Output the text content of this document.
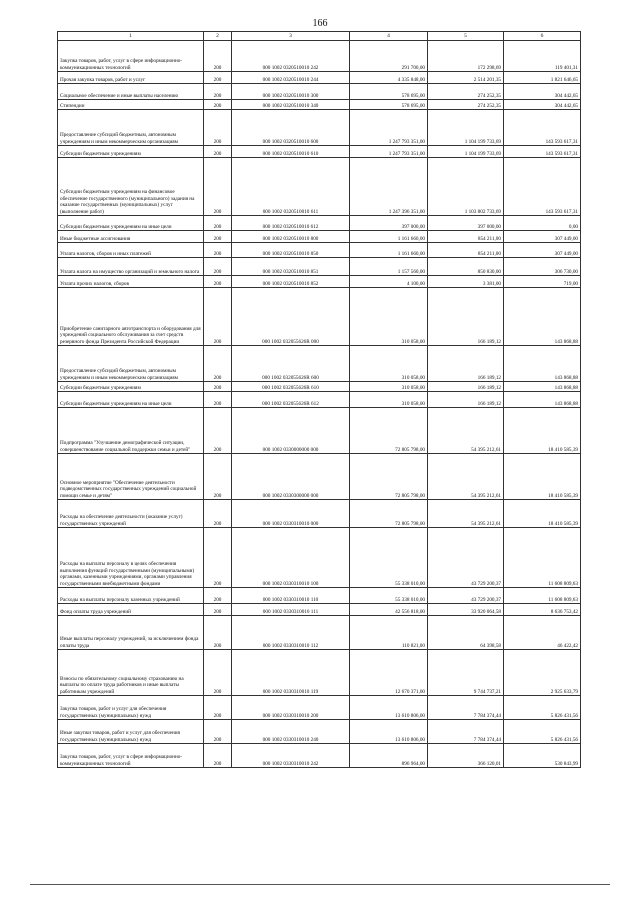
166
1	2	3	4	5	6
Закупка товаров, работ, услуг в сфере информационно-коммуникационных технологий	200	000 1002 0320510010 242	291 700,00	172 298,69	119 401,31
Прочая закупка товаров, работ и услуг	200	000 1002 0320510010 244	4 335 848,00	2 514 201,35	1 821 646,65
Социальное обеспечение и иные выплаты населению	200	000 1002 0320510010 300	578 695,00	274 252,35	304 442,65
Стипендии	200	000 1002 0320510010 340	578 695,00	274 252,35	304 442,65
Предоставление субсидий бюджетным, автономным учреждениям и иным некоммерческим организациям	200	000 1002 0320510010 600	1 247 793 351,00	1 104 199 733,69	143 593 617,31
Субсидии бюджетным учреждениям	200	000 1002 0320510010 610	1 247 793 351,00	1 104 199 733,69	143 593 617,31
Субсидии бюджетным учреждениям на финансовое обеспечение государственного (муниципального) задания на оказание государственных (муниципальных) услуг (выполнение работ)	200	000 1002 0320510010 611	1 247 396 351,00	1 103 802 733,69	143 593 617,31
Субсидии бюджетным учреждениям на иные цели	200	000 1002 0320510010 612	397 000,00	397 000,00	0,00
Иные бюджетные ассигнования	200	000 1002 0320510010 800	1 161 660,00	854 211,00	307 449,00
Уплата налогов, сборов и иных платежей	200	000 1002 0320510010 850	1 161 660,00	854 211,00	307 449,00
Уплата налога на имущество организаций и земельного налога	200	000 1002 0320510010 851	1 157 560,00	850 830,00	306 730,00
Уплата прочих налогов, сборов	200	000 1002 0320510010 852	4 100,00	3 381,00	719,00
Приобретение санитарного автотранспорта и оборудования для учреждений социального обслуживания за счет средств резервного фонда Президента Российской Федерации	200	000 1002 032055626R 000	310 058,00	166 189,12	143 868,88
Предоставление субсидий бюджетным, автономным учреждениям и иным некоммерческим организациям	200	000 1002 032055626R 600	310 058,00	166 189,12	143 868,88
Субсидии бюджетным учреждениям	200	000 1002 032055626R 610	310 058,00	166 189,12	143 868,88
Субсидии бюджетным учреждениям на иные цели	200	000 1002 032055626R 612	310 058,00	166 189,12	143 868,88
Подпрограмма "Улучшение демографической ситуации, совершенствование социальной поддержки семьи и детей"	200	000 1002 0330000000 000	72 805 798,00	54 395 212,61	18 410 585,39
Основное мероприятие "Обеспечение деятельности подведомственных государственных учреждений социальной помощи семье и детям"	200	000 1002 0330300000 000	72 805 798,00	54 395 212,61	18 410 585,39
Расходы на обеспечение деятельности (оказание услуг) государственных учреждений	200	000 1002 0330310010 000	72 805 798,00	54 395 212,61	18 410 585,39
Расходы на выплаты персоналу в целях обеспечения выполнения функций государственными (муниципальными) органами, казенными учреждениями, органами управления государственными внебюджетными фондами	200	000 1002 0330310010 100	55 338 010,00	43 729 200,37	11 608 809,63
Расходы на выплаты персоналу казенных учреждений	200	000 1002 0330310010 110	55 338 010,00	43 729 200,37	11 608 809,63
Фонд оплаты труда учреждений	200	000 1002 0330310010 111	42 556 818,00	33 920 064,58	8 636 753,42
Иные выплаты персоналу учреждений, за исключением фонда оплаты труда	200	000 1002 0330310010 112	110 821,00	64 398,58	46 422,42
Взносы по обязательному социальному страхованию на выплаты по оплате труда работников и иные выплаты работникам учреждений	200	000 1002 0330310010 119	12 670 371,00	9 744 737,21	2 925 633,79
Закупка товаров, работ и услуг для обеспечения государственных (муниципальных) нужд	200	000 1002 0330310010 200	13 610 806,00	7 784 374,44	5 826 431,56
Иные закупки товаров, работ и услуг для обеспечения государственных (муниципальных) нужд	200	000 1002 0330310010 240	13 610 806,00	7 784 374,44	5 826 431,56
Закупка товаров, работ, услуг в сфере информационно-коммуникационных технологий	200	000 1002 0330310010 242	896 964,00	366 120,01	530 843,99
